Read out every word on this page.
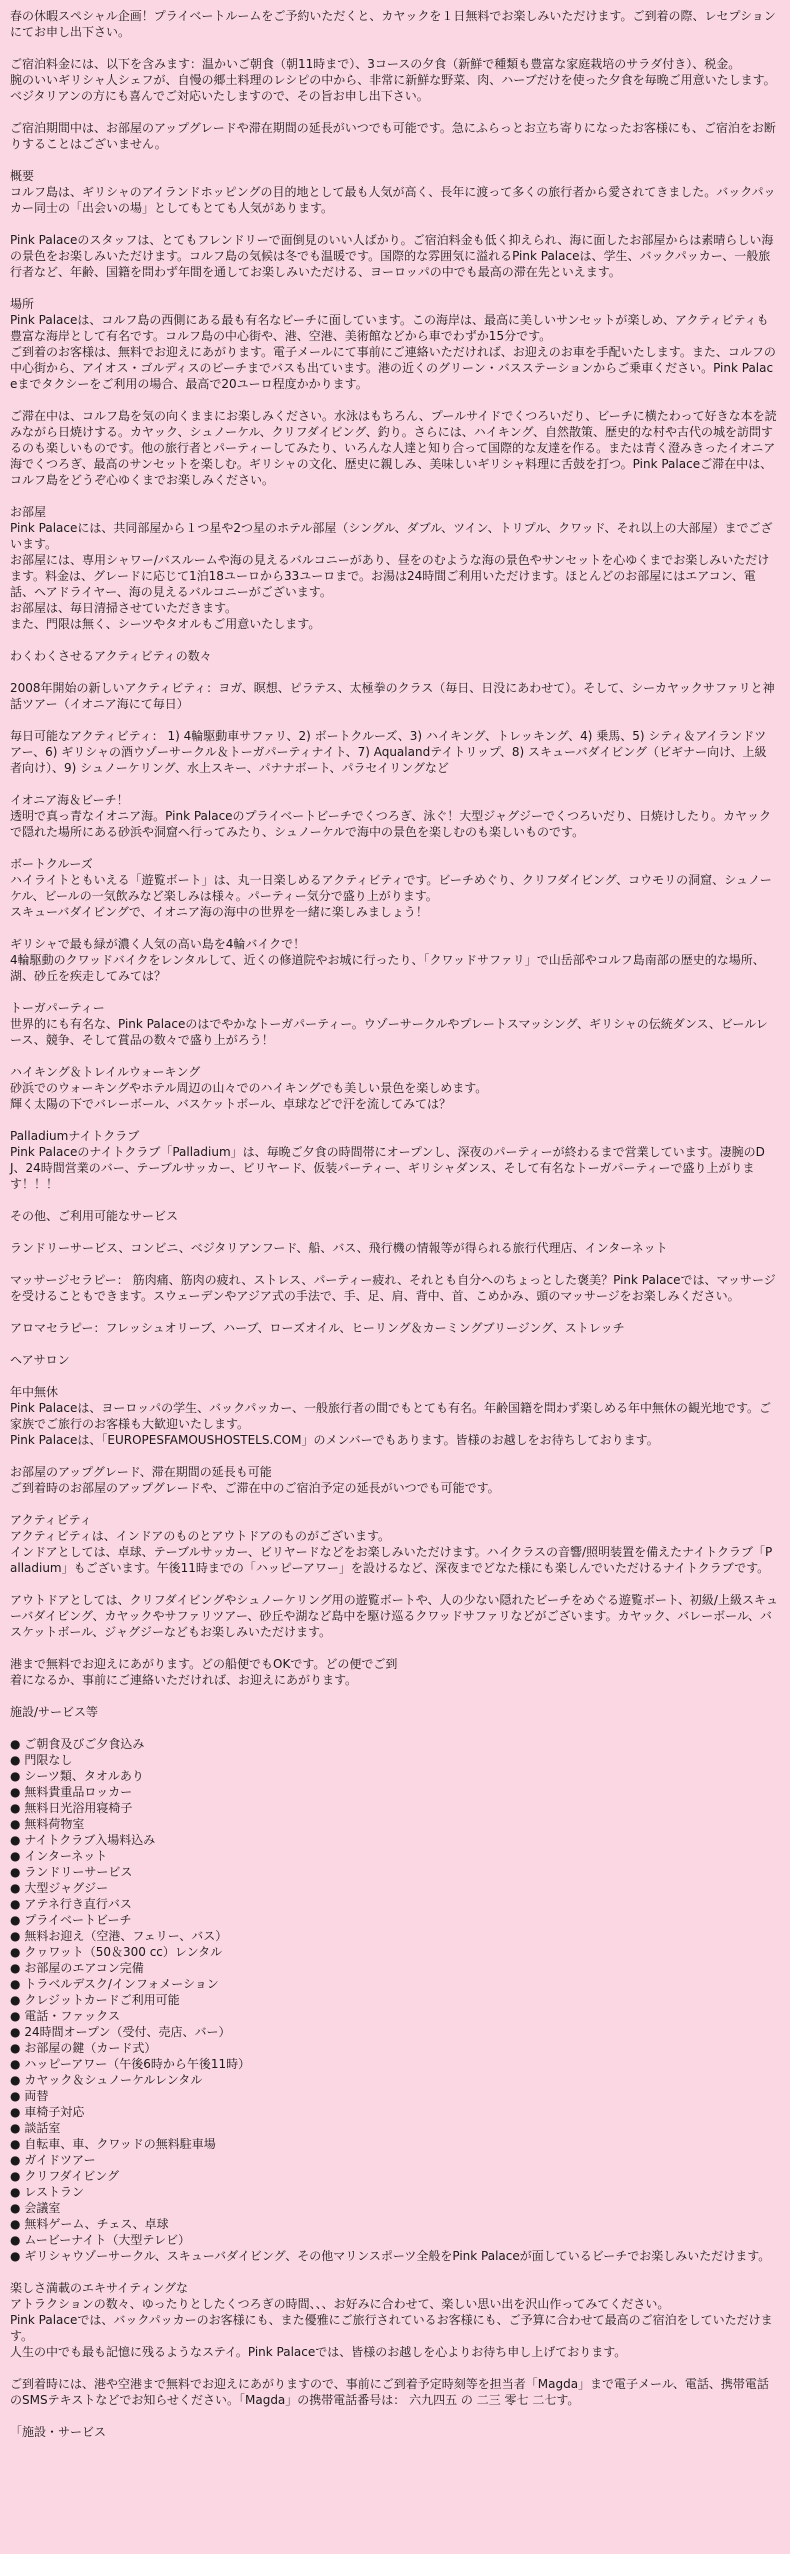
春の休暇スペシャル企画！プライベートルームをご予約いただくと、カヤックを１日無料でお楽しみいただけます。ご到着の際、レセプションにてお申し出下さい。
ご宿泊料金には、以下を含みます：温かいご朝食（朝11時まで）、3コースの夕食（新鮮で種類も豊富な家庭栽培のサラダ付き）、税金。
腕のいいギリシャ人シェフが、自慢の郷土料理のレシピの中から、非常に新鮮な野菜、肉、ハーブだけを使った夕食を毎晩ご用意いたします。ベジタリアンの方にも喜んでご対応いたしますので、その旨お申し出下さい。
ご宿泊期間中は、お部屋のアップグレードや滞在期間の延長がいつでも可能です。急にふらっとお立ち寄りになったお客様にも、ご宿泊をお断りすることはございません。
概要
コルフ島は、ギリシャのアイランドホッピングの目的地として最も人気が高く、長年に渡って多くの旅行者から愛されてきました。バックパッカー同士の「出会いの場」としてもとても人気があります。
Pink Palaceのスタッフは、とてもフレンドリーで面倒見のいい人ばかり。ご宿泊料金も低く抑えられ、海に面したお部屋からは素晴らしい海の景色をお楽しみいただけます。コルフ島の気候は冬でも温暖です。国際的な雰囲気に溢れるPink Palaceは、学生、バックパッカー、一般旅行者など、年齢、国籍を問わず年間を通してお楽しみいただける、ヨーロッパの中でも最高の滞在先といえます。
場所
Pink Palaceは、コルフ島の西側にある最も有名なビーチに面しています。この海岸は、最高に美しいサンセットが楽しめ、アクティビティも豊富な海岸として有名です。コルフ島の中心街や、港、空港、美術館などから車でわずか15分です。
ご到着のお客様は、無料でお迎えにあがります。電子メールにて事前にご連絡いただければ、お迎えのお車を手配いたします。また、コルフの中心街から、アイオス・ゴルディスのビーチまでバスも出ています。港の近くのグリーン・バスステーションからご乗車ください。Pink Palaceまでタクシーをご利用の場合、最高で20ユーロ程度かかります。
ご滞在中は、コルフ島を気の向くままにお楽しみください。水泳はもちろん、プールサイドでくつろいだり、ビーチに横たわって好きな本を読みながら日焼けする。カヤック、シュノーケル、クリフダイビング、釣り。さらには、ハイキング、自然散策、歴史的な村や古代の城を訪問するのも楽しいものです。他の旅行者とパーティーしてみたり、いろんな人達と知り合って国際的な友達を作る。または青く澄みきったイオニア海でくつろぎ、最高のサンセットを楽しむ。ギリシャの文化、歴史に親しみ、美味しいギリシャ料理に舌鼓を打つ。Pink Palaceご滞在中は、コルフ島をどうぞ心ゆくまでお楽しみください。
お部屋
Pink Palaceには、共同部屋から１つ星や2つ星のホテル部屋（シングル、ダブル、ツイン、トリプル、クワッド、それ以上の大部屋）までございます。
お部屋には、専用シャワー/バスルームや海の見えるバルコニーがあり、昼をのむような海の景色やサンセットを心ゆくまでお楽しみいただけます。料金は、グレードに応じて1泊18ユーロから33ユーロまで。お湯は24時間ご利用いただけます。ほとんどのお部屋にはエアコン、電話、ヘアドライヤー、海の見えるバルコニーがございます。
お部屋は、毎日清掃させていただきます。
また、門限は無く、シーツやタオルもご用意いたします。
わくわくさせるアクティビティの数々
2008年開始の新しいアクティビティ：ヨガ、瞑想、ピラテス、太極拳のクラス（毎日、日没にあわせて）。そして、シーカヤックサファリと神話ツアー（イオニア海にて毎日）
毎日可能なアクティビティ： 1) 4輪駆動車サファリ、2) ボートクルーズ、3) ハイキング、トレッキング、4) 乗馬、5) シティ＆アイランドツアー、6) ギリシャの酒ウゾーサークル＆トーガパーティナイト、7) Aqualandテイトリップ、8) スキューバダイビング（ビギナー向け、上級者向け）、9) シュノーケリング、水上スキー、パナナボート、パラセイリングなど
イオニア海＆ビーチ！
透明で真っ青なイオニア海。Pink Palaceのプライベートビーチでくつろぎ、泳ぐ！大型ジャグジーでくつろいだり、日焼けしたり。カヤックで隠れた場所にある砂浜や洞窟へ行ってみたり、シュノーケルで海中の景色を楽しむのも楽しいものです。
ボートクルーズ
ハイライトともいえる「遊覧ボート」は、丸一日楽しめるアクティビティです。ビーチめぐり、クリフダイビング、コウモリの洞窟、シュノーケル、ビールの一気飲みなど楽しみは様々。パーティー気分で盛り上がります。
スキューバダイビングで、イオニア海の海中の世界を一緒に楽しみましょう！
ギリシャで最も緑が濃く人気の高い島を4輪バイクで！
4輪駆動のクワッドバイクをレンタルして、近くの修道院やお城に行ったり、「クワッドサファリ」で山岳部やコルフ島南部の歴史的な場所、湖、砂丘を疾走してみては？
トーガパーティー
世界的にも有名な、Pink Palaceのはでやかなトーガパーティー。ウゾーサークルやプレートスマッシング、ギリシャの伝統ダンス、ビールレース、競争、そして賞品の数々で盛り上がろう！
ハイキング＆トレイルウォーキング
砂浜でのウォーキングやホテル周辺の山々でのハイキングでも美しい景色を楽しめます。
輝く太陽の下でバレーボール、バスケットボール、卓球などで汗を流してみては？
Palladiumナイトクラブ
Pink Palaceのナイトクラブ「Palladium」は、毎晩ご夕食の時間帯にオープンし、深夜のパーティーが終わるまで営業しています。凄腕のDJ、24時間営業のバー、テーブルサッカー、ビリヤード、仮装パーティー、ギリシャダンス、そして有名なトーガパーティーで盛り上がります！！！
その他、ご利用可能なサービス
ランドリーサービス、コンビニ、ベジタリアンフード、船、バス、飛行機の情報等が得られる旅行代理店、インターネット
マッサージセラピー： 筋肉痛、筋肉の疲れ、ストレス、パーティー疲れ、それとも自分へのちょっとした褒美？Pink Palaceでは、マッサージを受けることもできます。スウェーデンやアジア式の手法で、手、足、肩、背中、首、こめかみ、頭のマッサージをお楽しみください。
アロマセラピー：フレッシュオリーブ、ハーブ、ローズオイル、ヒーリング＆カーミングブリージング、ストレッチ
ヘアサロン
年中無休
Pink Palaceは、ヨーロッパの学生、バックパッカー、一般旅行者の間でもとても有名。年齢国籍を問わず楽しめる年中無休の観光地です。ご家族でご旅行のお客様も大歓迎いたします。
Pink Palaceは、「EUROPESFAMOUSHOSTELS.COM」のメンバーでもあります。皆様のお越しをお待ちしております。
お部屋のアップグレード、滞在期間の延長も可能
ご到着時のお部屋のアップグレードや、ご滞在中のご宿泊予定の延長がいつでも可能です。
アクティビティ
アクティビティは、インドアのものとアウトドアのものがございます。
インドアとしては、卓球、テーブルサッカー、ビリヤードなどをお楽しみいただけます。ハイクラスの音響/照明装置を備えたナイトクラブ「Palladium」もございます。午後11時までの「ハッピーアワー」を設けるなど、深夜までどなた様にも楽しんでいただけるナイトクラブです。
アウトドアとしては、クリフダイビングやシュノーケリング用の遊覧ボートや、人の少ない隠れたビーチをめぐる遊覧ボート、初級/上級スキューバダイビング、カヤックやサファリツアー、砂丘や湖など島中を駆け巡るクワッドサファリなどがございます。カヤック、バレーボール、バスケットボール、ジャグジーなどもお楽しみいただけます。
港まで無料でお迎えにあがります。どの船便でもOKです。どの便でご到
着になるか、事前にご連絡いただければ、お迎えにあがります。
施設/サービス等
● ご朝食及びご夕食込み
● 門限なし
● シーツ類、タオルあり
● 無料貴重品ロッカー
● 無料日光浴用寝椅子
● 無料荷物室
● ナイトクラブ入場料込み
● インターネット
● ランドリーサービス
● 大型ジャグジー
● アテネ行き直行バス
● プライベートビーチ
● 無料お迎え（空港、フェリー、バス）
● クヮワット（50＆300 cc）レンタル
● お部屋のエアコン完備
● トラベルデスク/インフォメーション
● クレジットカードご利用可能
● 電話・ファックス
● 24時間オープン（受付、売店、バー）
● お部屋の鍵（カード式）
● ハッピーアワー（午後6時から午後11時）
● カヤック＆シュノーケルレンタル
● 両替
● 車椅子対応
● 談話室
● 自転車、車、クワッドの無料駐車場
● ガイドツアー
● クリフダイビング
● レストラン
● 会議室
● 無料ゲーム、チェス、卓球
● ムービーナイト（大型テレビ）
● ギリシャウゾーサークル、スキューバダイビング、その他マリンスポーツ全般をPink Palaceが面しているビーチでお楽しみいただけます。
楽しさ満載のエキサイティングな
アトラクションの数々、ゆったりとしたくつろぎの時間、、、お好みに合わせて、楽しい思い出を沢山作ってみてください。
Pink Palaceでは、バックパッカーのお客様にも、また優雅にご旅行されているお客様にも、ご予算に合わせて最高のご宿泊をしていただけます。
人生の中でも最も記憶に残るようなステイ。Pink Palaceでは、皆様のお越しを心よりお待ち申し上げております。
ご到着時には、港や空港まで無料でお迎えにあがりますので、事前にご到着予定時刻等を担当者「Magda」まで電子メール、電話、携帯電話のSMSテキストなどでお知らせください。「Magda」の携帯電話番号は： 六九四五 の 二三 零七 二七す。
「施設・サービス
